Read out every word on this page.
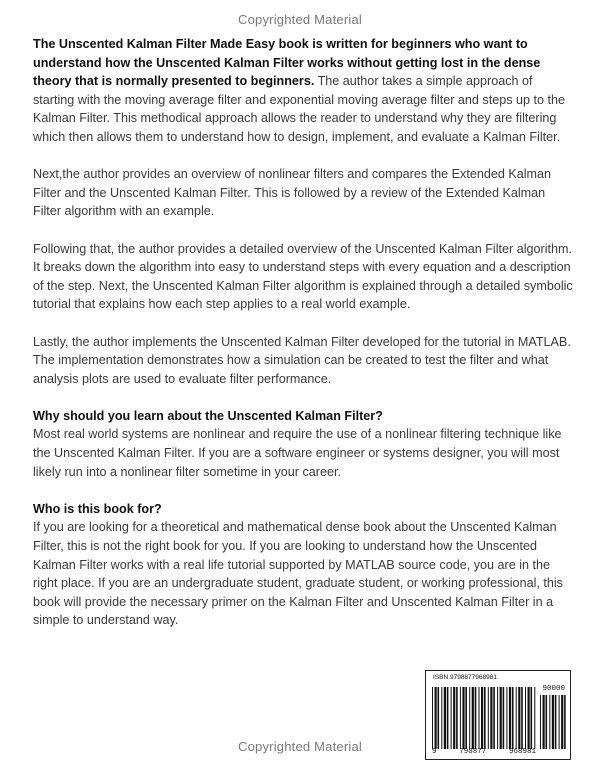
Copyrighted Material

The Unscented Kalman Filter Made Easy book is written for beginners who want to understand how the Unscented Kalman Filter works without getting lost in the dense theory that is normally presented to beginners. The author takes a simple approach of starting with the moving average filter and exponential moving average filter and steps up to the Kalman Filter. This methodical approach allows the reader to understand why they are filtering which then allows them to understand how to design, implement, and evaluate a Kalman Filter.

Next,the author provides an overview of nonlinear filters and compares the Extended Kalman Filter and the Unscented Kalman Filter. This is followed by a review of the Extended Kalman Filter algorithm with an example.

Following that, the author provides a detailed overview of the Unscented Kalman Filter algorithm. It breaks down the algorithm into easy to understand steps with every equation and a description of the step. Next, the Unscented Kalman Filter algorithm is explained through a detailed symbolic tutorial that explains how each step applies to a real world example.

Lastly, the author implements the Unscented Kalman Filter developed for the tutorial in MATLAB. The implementation demonstrates how a simulation can be created to test the filter and what analysis plots are used to evaluate filter performance.

Why should you learn about the Unscented Kalman Filter?
Most real world systems are nonlinear and require the use of a nonlinear filtering technique like the Unscented Kalman Filter. If you are a software engineer or systems designer, you will most likely run into a nonlinear filter sometime in your career.

Who is this book for?
If you are looking for a theoretical and mathematical dense book about the Unscented Kalman Filter, this is not the right book for you. If you are looking to understand how the Unscented Kalman Filter works with a real life tutorial supported by MATLAB source code, you are in the right place. If you are an undergraduate student, graduate student, or working professional, this book will provide the necessary primer on the Kalman Filter and Unscented Kalman Filter in a simple to understand way.

ISBN 9798877968981
90000
9	798877	968981
Copyrighted Material
